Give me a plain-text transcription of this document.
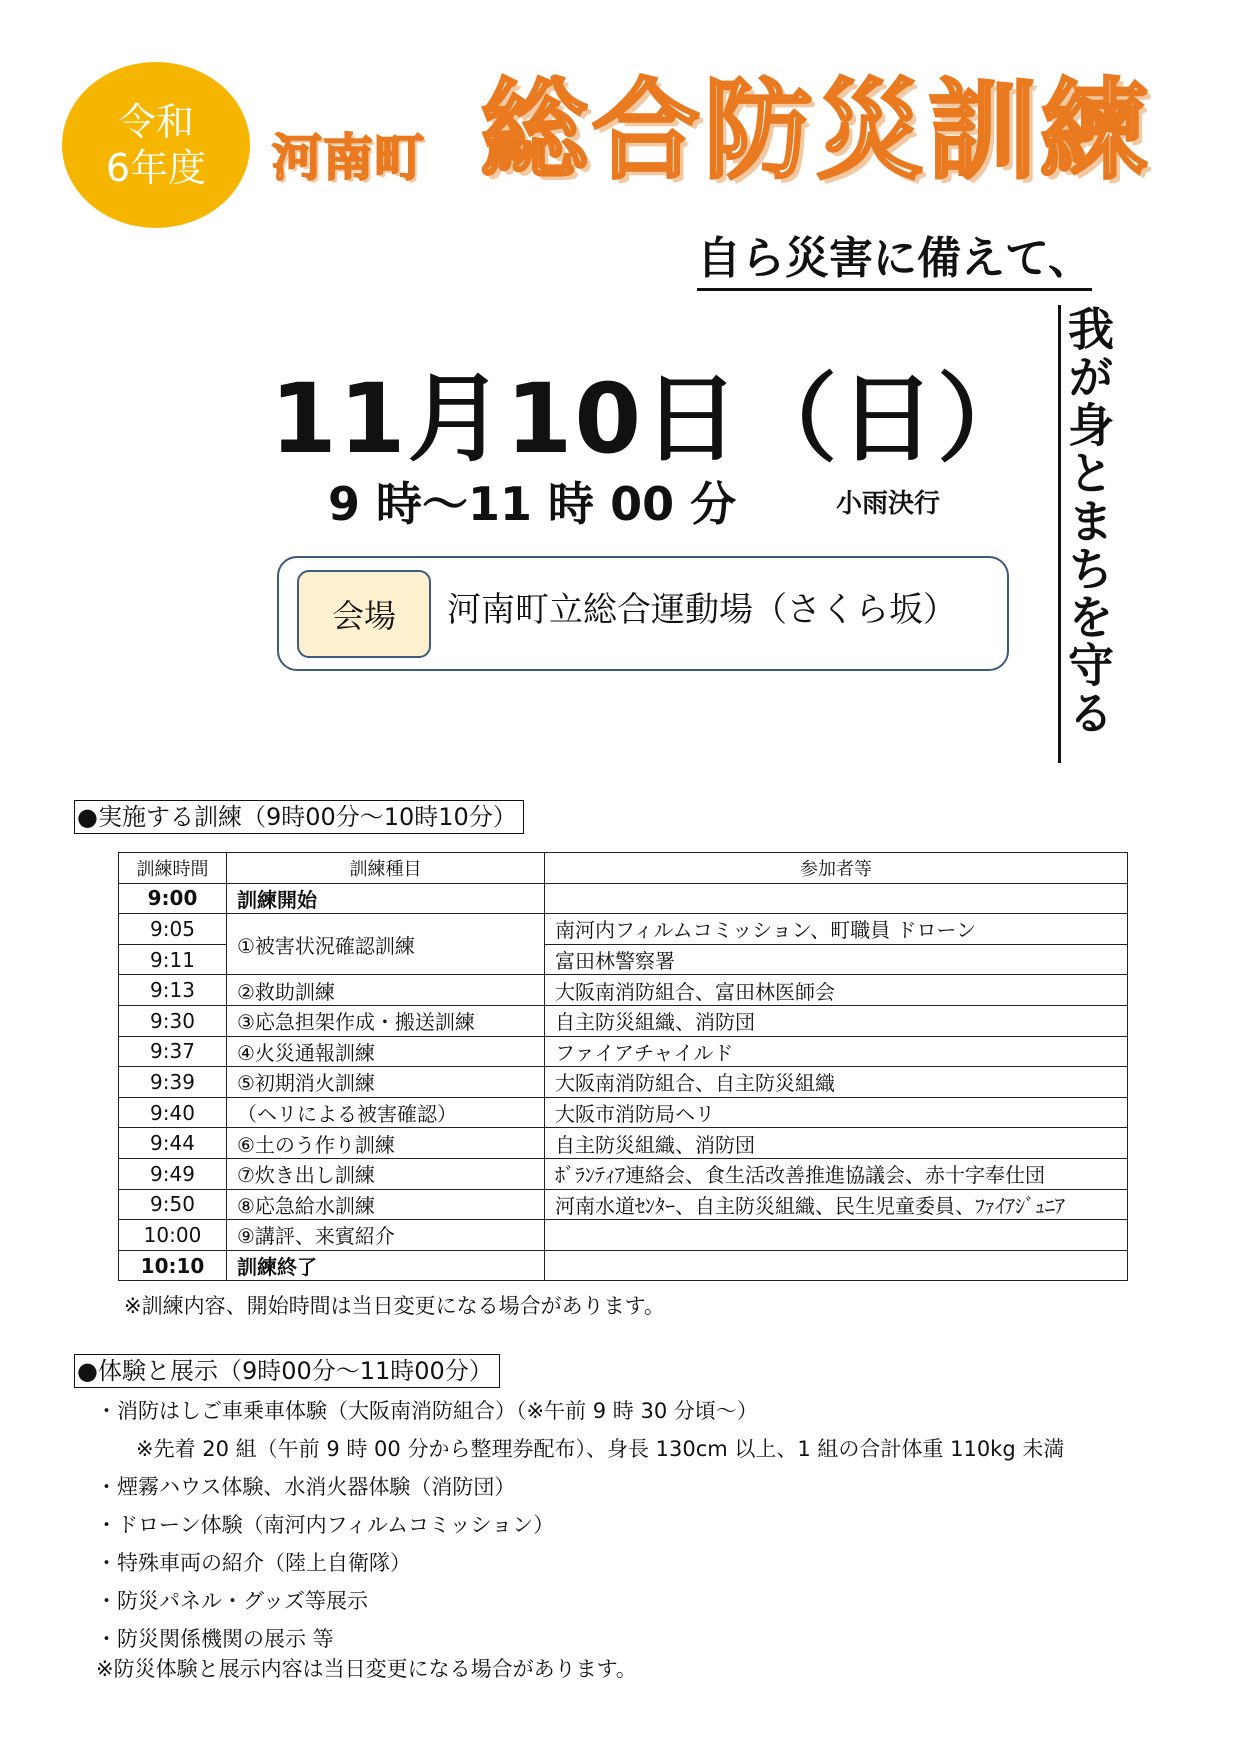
令和
6年度 河南町 総合防災訓練
自ら災害に備えて、
我が身とまちを守る
11月10日（日）
9 時～11 時 00 分	小雨決行
会場	河南町立総合運動場（さくら坂）
●実施する訓練（9時00分～10時10分）
訓練時間	訓練種目	参加者等
9:00	訓練開始	
9:05	①被害状況確認訓練	南河内フィルムコミッション、町職員 ドローン
9:11		富田林警察署
9:13	②救助訓練	大阪南消防組合、富田林医師会
9:30	③応急担架作成・搬送訓練	自主防災組織、消防団
9:37	④火災通報訓練	ファイアチャイルド
9:39	⑤初期消火訓練	大阪南消防組合、自主防災組織
9:40	（ヘリによる被害確認）	大阪市消防局ヘリ
9:44	⑥土のう作り訓練	自主防災組織、消防団
9:49	⑦炊き出し訓練	ﾎﾞﾗﾝﾃｨｱ連絡会、食生活改善推進協議会、赤十字奉仕団
9:50	⑧応急給水訓練	河南水道ｾﾝﾀｰ、自主防災組織、民生児童委員、ﾌｧｲｱｼﾞｭﾆｱ
10:00	⑨講評、来賓紹介	
10:10	訓練終了	
※訓練内容、開始時間は当日変更になる場合があります。
●体験と展示（9時00分～11時00分）
・消防はしご車乗車体験（大阪南消防組合）（※午前 9 時 30 分頃～）
※先着 20 組（午前 9 時 00 分から整理券配布）、身長 130cm 以上、1 組の合計体重 110kg 未満
・煙霧ハウス体験、水消火器体験（消防団）
・ドローン体験（南河内フィルムコミッション）
・特殊車両の紹介（陸上自衛隊）
・防災パネル・グッズ等展示
・防災関係機関の展示 等
※防災体験と展示内容は当日変更になる場合があります。
